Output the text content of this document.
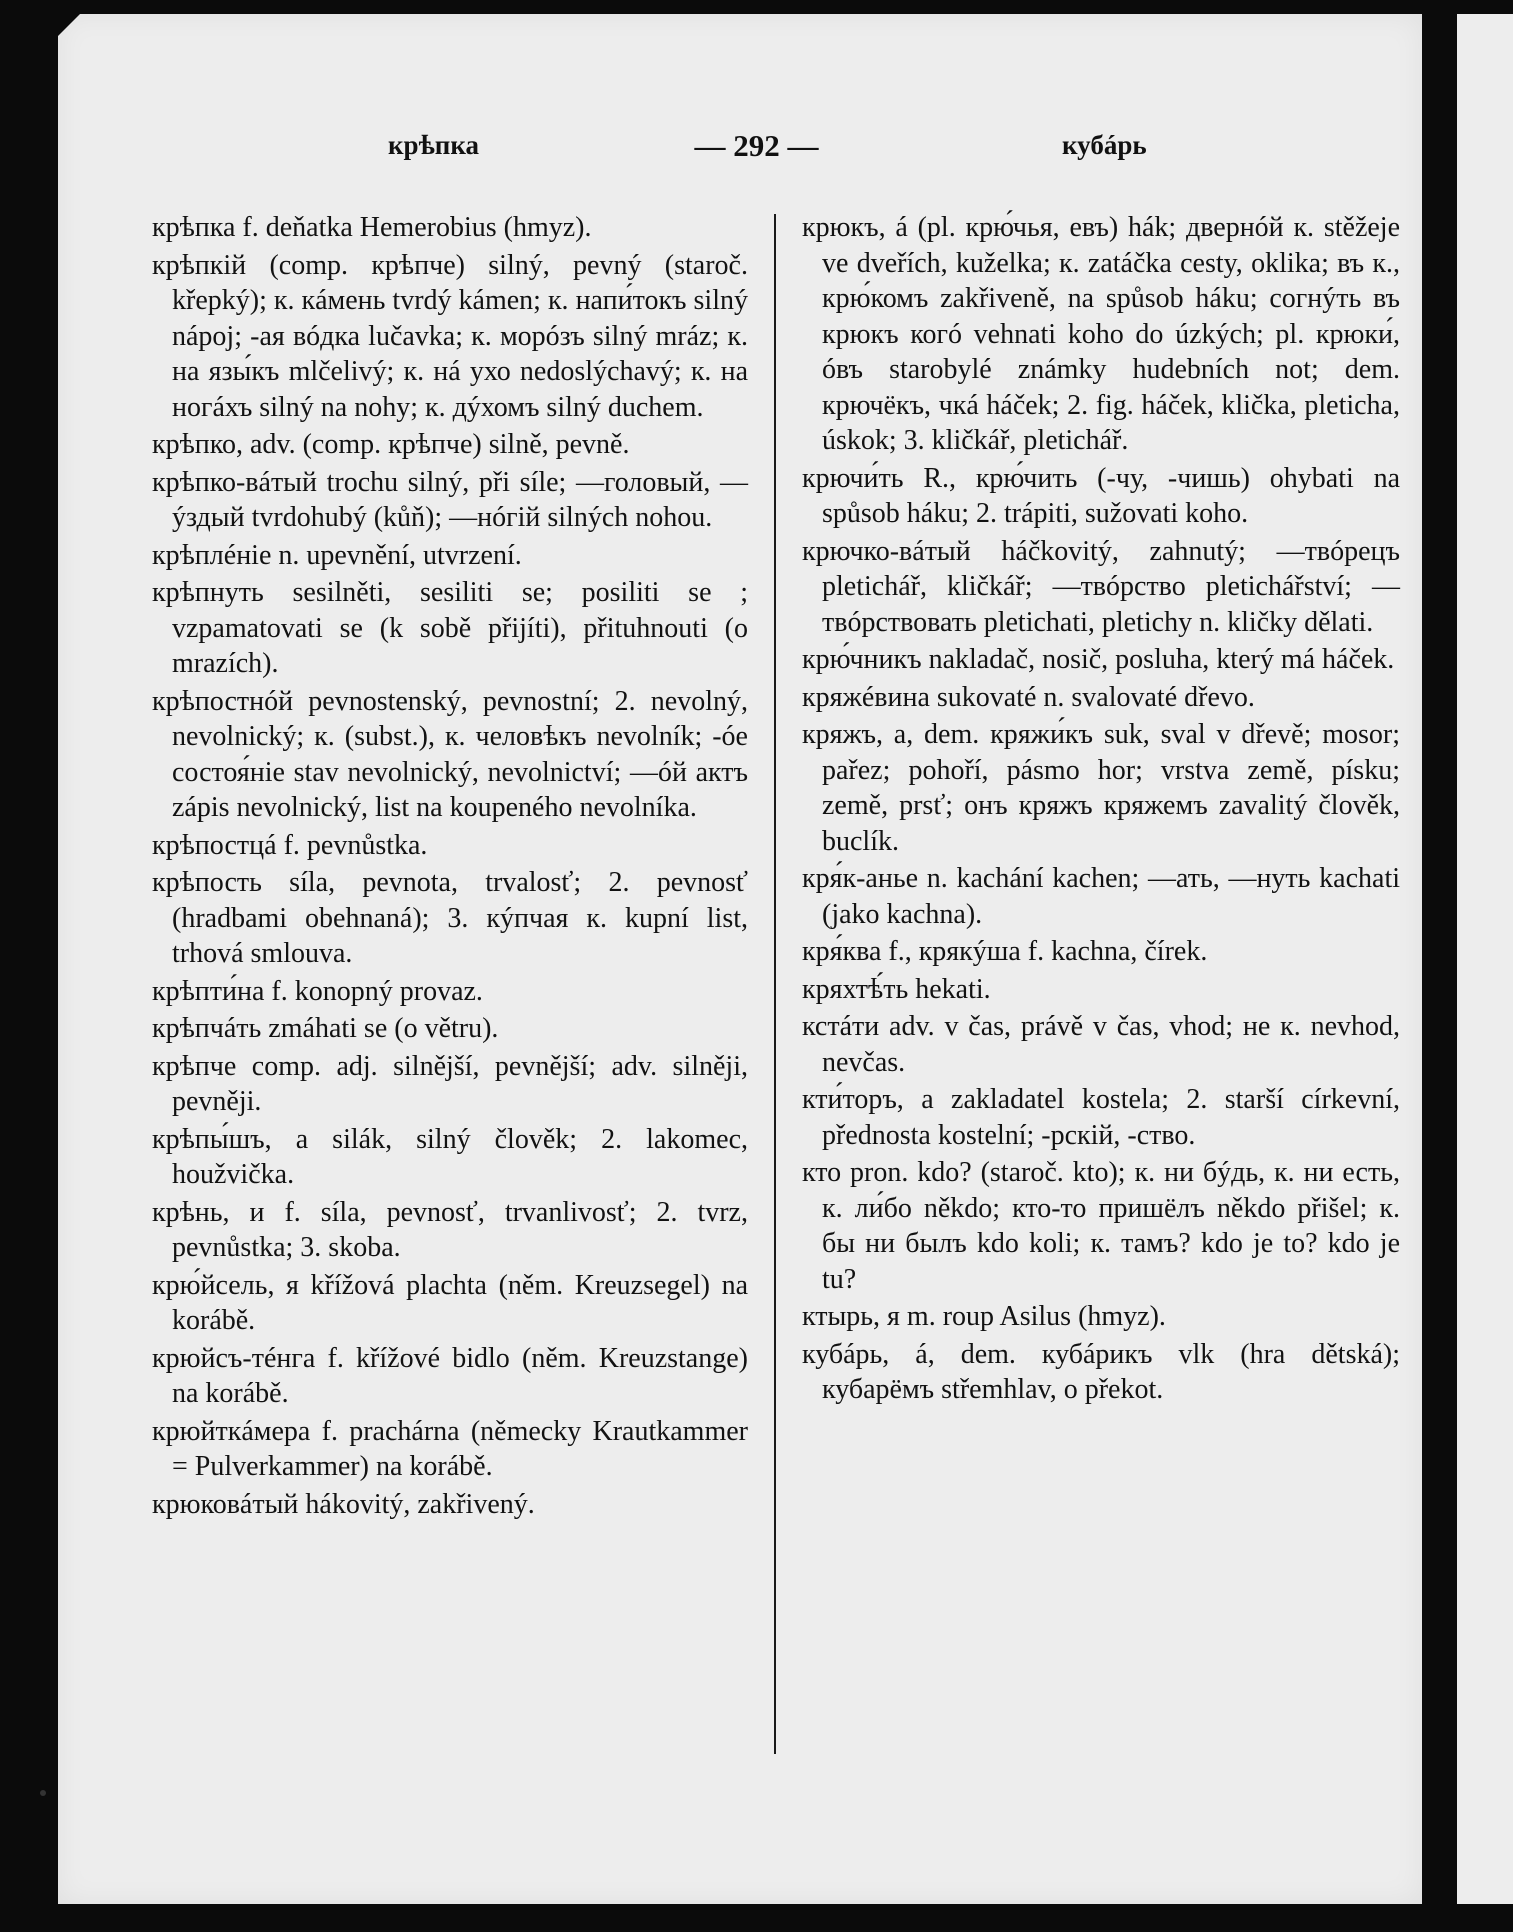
крѣпка	— 292 —	кубáрь

крѣпка f. deňatka Hemerobius (hmyz).

крѣпкій (comp. крѣпче) silný, pevný (staroč. křepký); к. кáмень tvrdý kámen; к. напи́токъ silný nápoj; -ая вóдка lučavka; к. морóзъ silný mráz; к. на язы́къ mlčelivý; к. нá ухо nedoslýchavý; к. на ногáхъ silný na nohy; к. дýхомъ silný duchem.

крѣпко, adv. (comp. крѣпче) silně, pevně.

крѣпко-вáтый trochu silný, při síle; —головый, —ýздый tvrdohubý (kůň); —нóгій silných nohou.

крѣплéніе n. upevnění, utvrzení.

крѣпнуть sesilněti, sesiliti se; posiliti se ; vzpamatovati se (k sobě přijíti), přituhnouti (o mrazích).

крѣпостнóй pevnostenský, pevnostní; 2. nevolný, nevolnický; к. (subst.), к. человѣкъ nevolník; -óе состоя́ніе stav nevolnický, nevolnictví; —óй актъ zápis nevolnický, list na koupeného nevolníka.

крѣпостцá f. pevnůstka.

крѣпость síla, pevnota, trvalosť; 2. pevnosť (hradbami obehnaná); 3. кýпчая к. kupní list, trhová smlouva.

крѣпти́на f. konopný provaz.

крѣпчáть zmáhati se (o větru).

крѣпче comp. adj. silnější, pevnější; adv. silněji, pevněji.

крѣпы́шъ, a silák, silný člověk; 2. lakomec, houžvička.

крѣнь, и f. síla, pevnosť, trvanlivosť; 2. tvrz, pevnůstka; 3. skoba.

крю́йсель, я křížová plachta (něm. Kreuzsegel) na korábě.

крюйсъ-тéнга f. křížové bidlo (něm. Kreuzstange) na korábě.

крюйткáмера f. prachárna (německy Krautkammer = Pulverkammer) na korábě.

крюковáтый hákovitý, zakřivený.

крюкъ, á (pl. крю́чья, евъ) hák; двернóй к. stěžeje ve dveřích, kuželka; к. zatáčka cesty, oklika; въ к., крю́комъ zakřiveně, na spůsob háku; согнýть въ крюкъ когó vehnati koho do úzkých; pl. крюки́, óвъ starobylé známky hudebních not; dem. крючёкъ, чкá háček; 2. fig. háček, klička, pleticha, úskok; 3. kličkář, pletichář.

крючи́ть R., крю́чить (-чу, -чишь) ohybati na spůsob háku; 2. trápiti, sužovati koho.

крючко-вáтый háčkovitý, zahnutý; —твóрецъ pletichář, kličkář; —твóрство pletichářství; —твóрствовать pletichati, pletichy n. kličky dělati.

крю́чникъ nakladač, nosič, posluha, který má háček.

кряжéвина sukovaté n. svalovaté dřevo.

кряжъ, a, dem. кряжи́къ suk, sval v dřevě; mosor; pařez; pohoří, pásmo hor; vrstva země, písku; země, prsť; онъ кряжъ кряжемъ zavalitý člověk, buclík.

кря́к-анье n. kachání kachen; —ать, —нуть kachati (jako kachna).

кря́ква f., крякýша f. kachna, čírek.

кряхтѣ́ть hekati.

кстáти adv. v čas, právě v čas, vhod; не к. nevhod, nevčas.

кти́торъ, a zakladatel kostela; 2. starší církevní, přednosta kostelní; -рскій, -ство.

кто pron. kdo? (staroč. kto); к. ни бýдь, к. ни есть, к. ли́бо někdo; кто-то пришёлъ někdo přišel; к. бы ни былъ kdo koli; к. тамъ? kdo je to? kdo je tu?

ктырь, я m. roup Asilus (hmyz).

кубáрь, á, dem. кубáрикъ vlk (hra dětská); кубарёмъ střemhlav, o překot.
